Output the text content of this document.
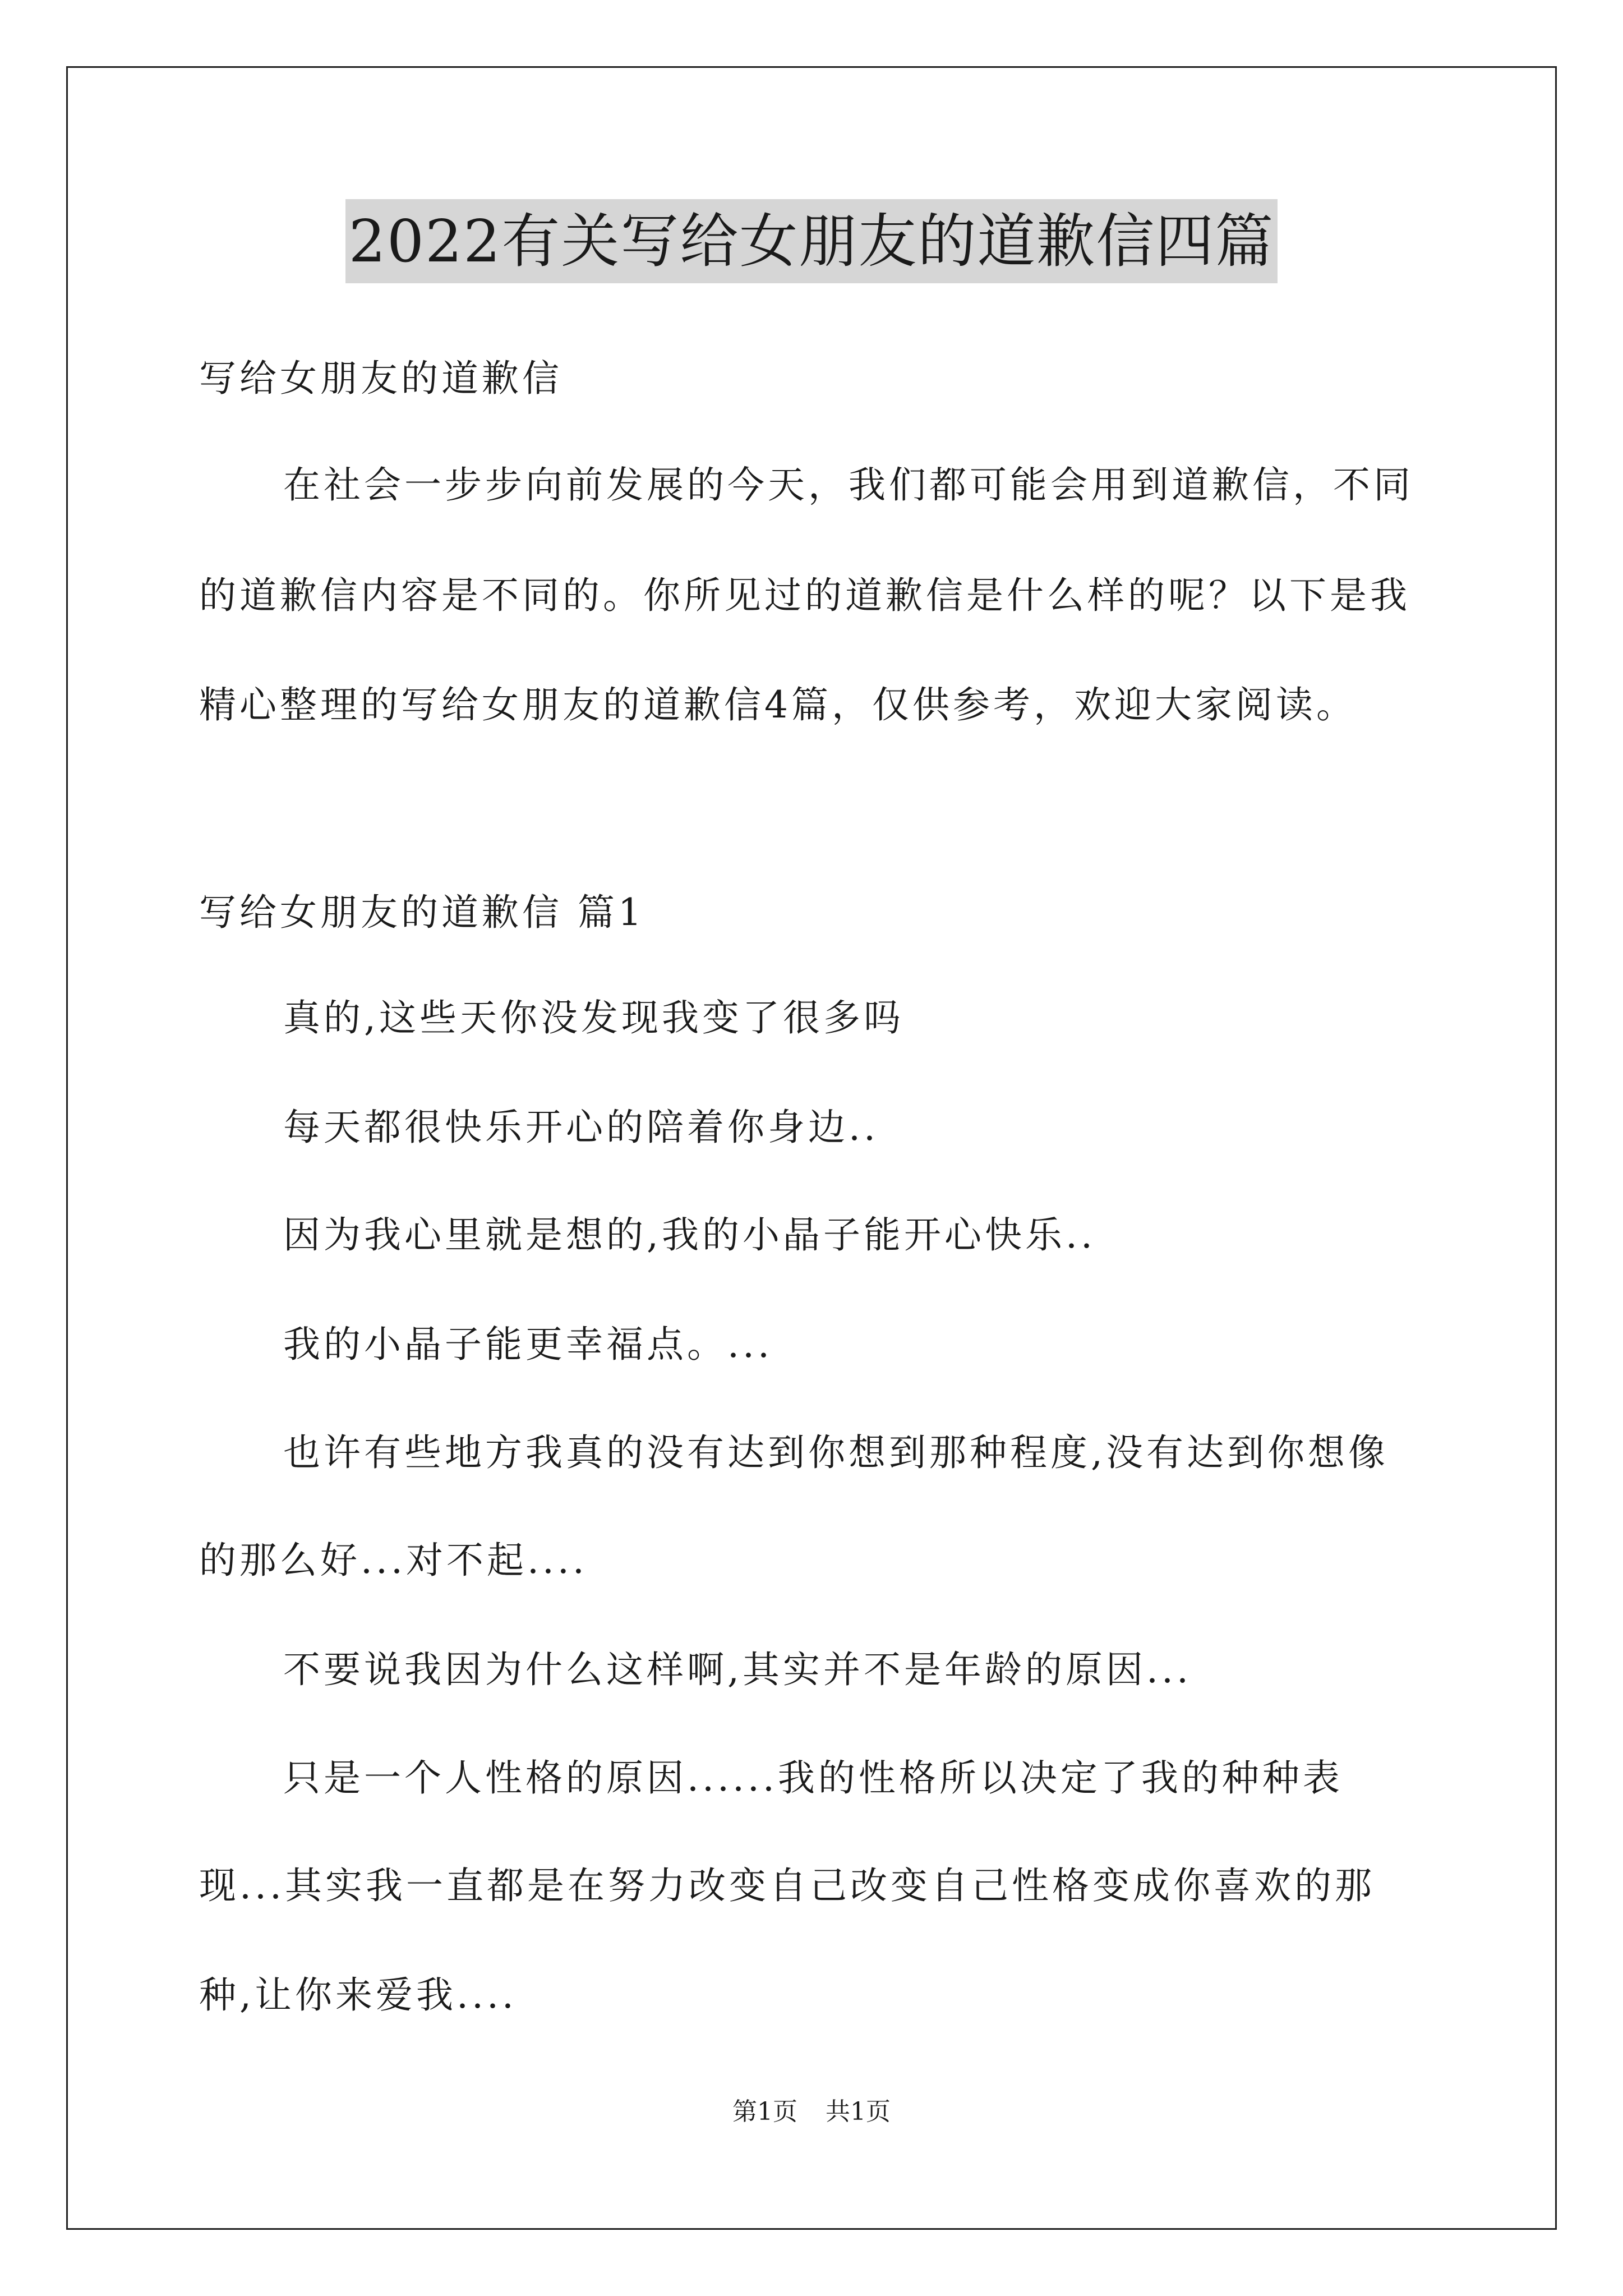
2022有关写给女朋友的道歉信四篇
写给女朋友的道歉信
在社会一步步向前发展的今天，我们都可能会用到道歉信，不同
的道歉信内容是不同的。你所见过的道歉信是什么样的呢？以下是我
精心整理的写给女朋友的道歉信4篇，仅供参考，欢迎大家阅读。
写给女朋友的道歉信 篇1
真的,这些天你没发现我变了很多吗
每天都很快乐开心的陪着你身边..
因为我心里就是想的,我的小晶子能开心快乐..
我的小晶子能更幸福点。...
也许有些地方我真的没有达到你想到那种程度,没有达到你想像
的那么好...对不起....
不要说我因为什么这样啊,其实并不是年龄的原因...
只是一个人性格的原因......我的性格所以决定了我的种种表
现...其实我一直都是在努力改变自己改变自己性格变成你喜欢的那
种,让你来爱我....
第1页 共1页
